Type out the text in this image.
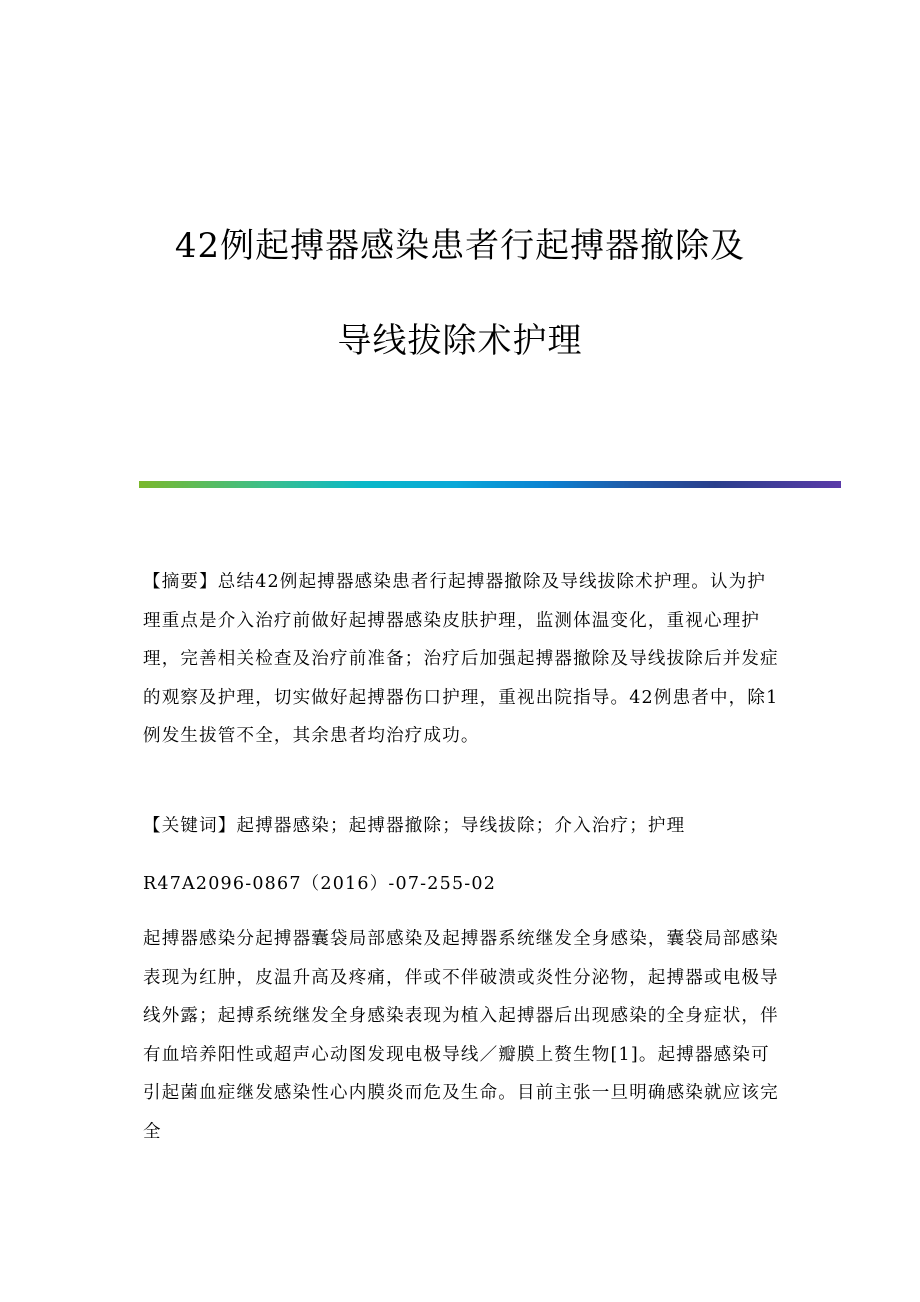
42例起搏器感染患者行起搏器撤除及
导线拔除术护理

【摘要】总结42例起搏器感染患者行起搏器撤除及导线拔除术护理。认为护理重点是介入治疗前做好起搏器感染皮肤护理，监测体温变化，重视心理护理，完善相关检查及治疗前准备；治疗后加强起搏器撤除及导线拔除后并发症的观察及护理，切实做好起搏器伤口护理，重视出院指导。42例患者中，除1例发生拔管不全，其余患者均治疗成功。

【关键词】起搏器感染；起搏器撤除；导线拔除；介入治疗；护理

R47A2096-0867（2016）-07-255-02

起搏器感染分起搏器囊袋局部感染及起搏器系统继发全身感染，囊袋局部感染表现为红肿，皮温升高及疼痛，伴或不伴破溃或炎性分泌物，起搏器或电极导线外露；起搏系统继发全身感染表现为植入起搏器后出现感染的全身症状，伴有血培养阳性或超声心动图发现电极导线／瓣膜上赘生物[1]。起搏器感染可引起菌血症继发感染性心内膜炎而危及生命。目前主张一旦明确感染就应该完全
